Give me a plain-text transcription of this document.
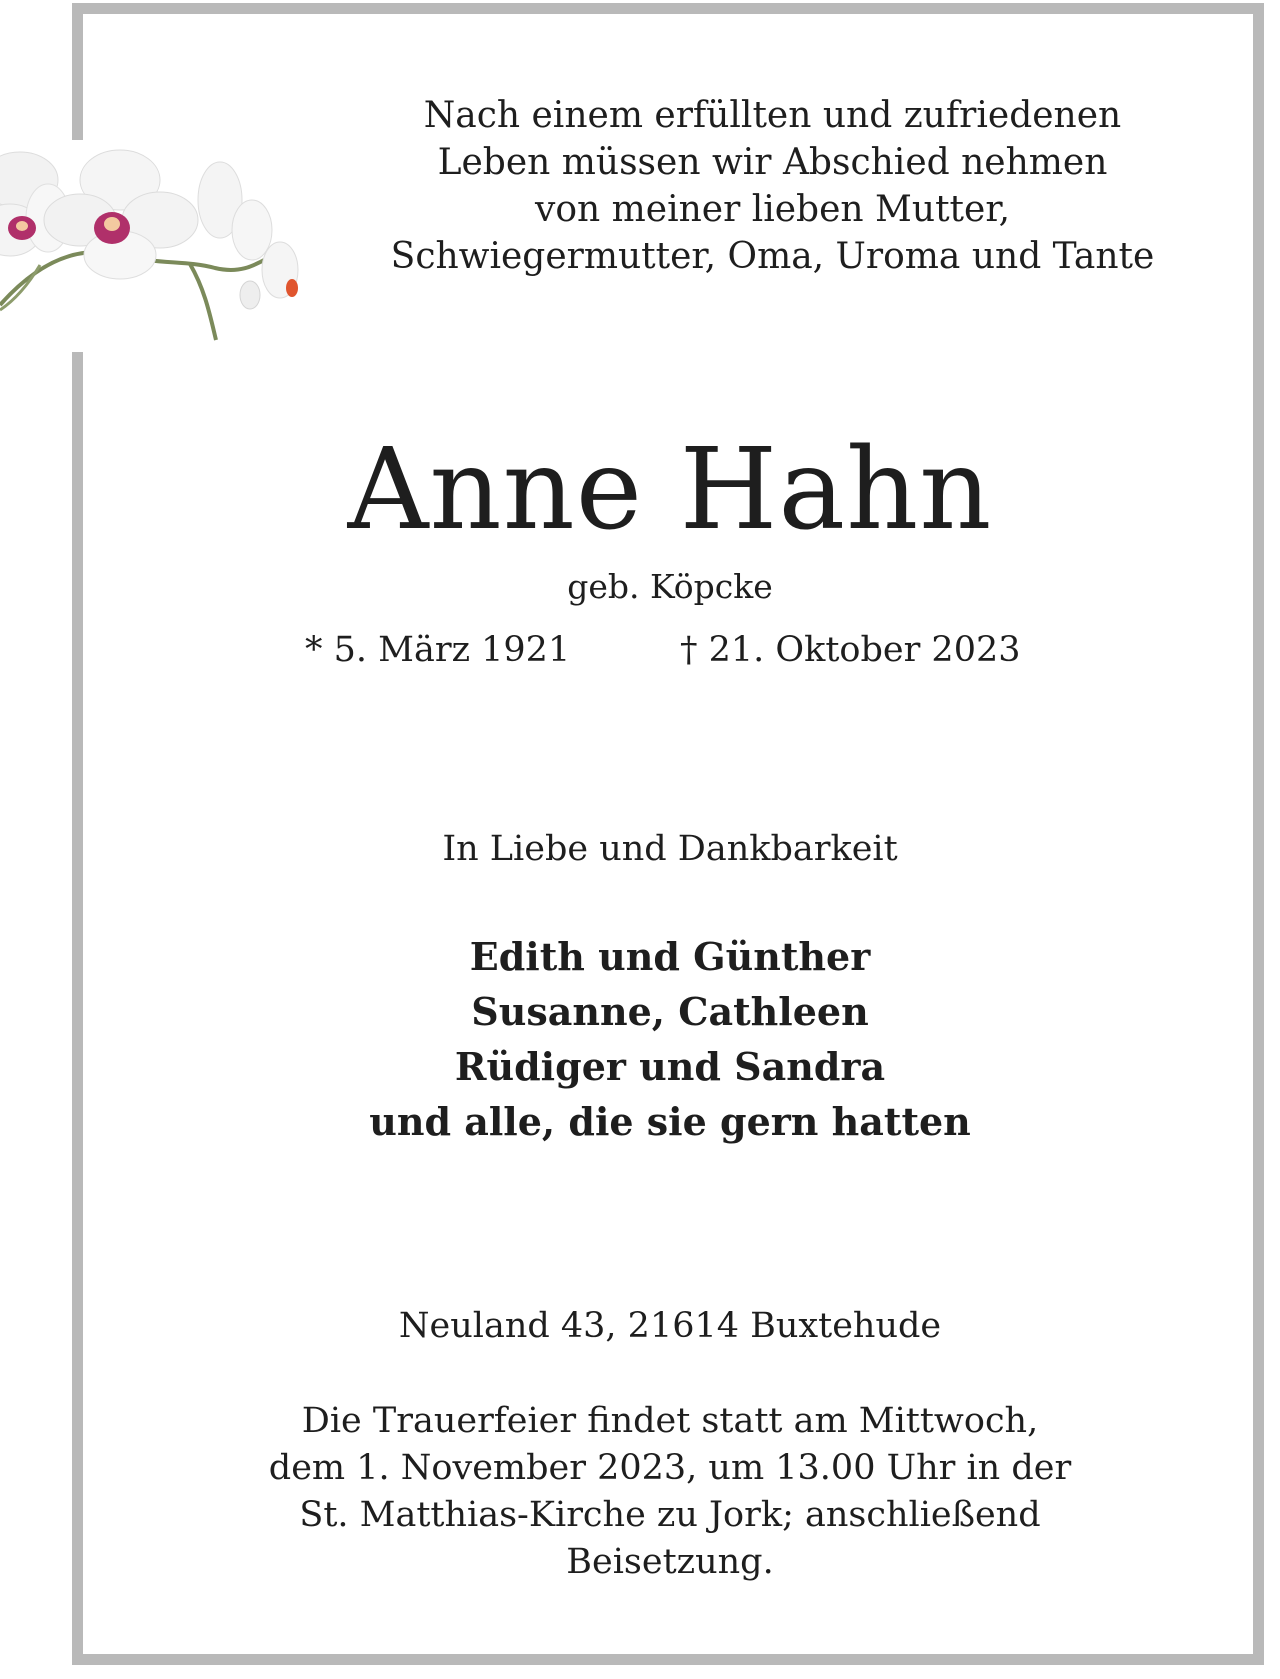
Nach einem erfüllten und zufriedenen
Leben müssen wir Abschied nehmen
von meiner lieben Mutter,
Schwiegermutter, Oma, Uroma und Tante
Anne Hahn
geb. Köpcke
* 5. März 1921	† 21. Oktober 2023
In Liebe und Dankbarkeit
Edith und Günther
Susanne, Cathleen
Rüdiger und Sandra
und alle, die sie gern hatten
Neuland 43, 21614 Buxtehude
Die Trauerfeier findet statt am Mittwoch,
dem 1. November 2023, um 13.00 Uhr in der
St. Matthias-Kirche zu Jork; anschließend
Beisetzung.
